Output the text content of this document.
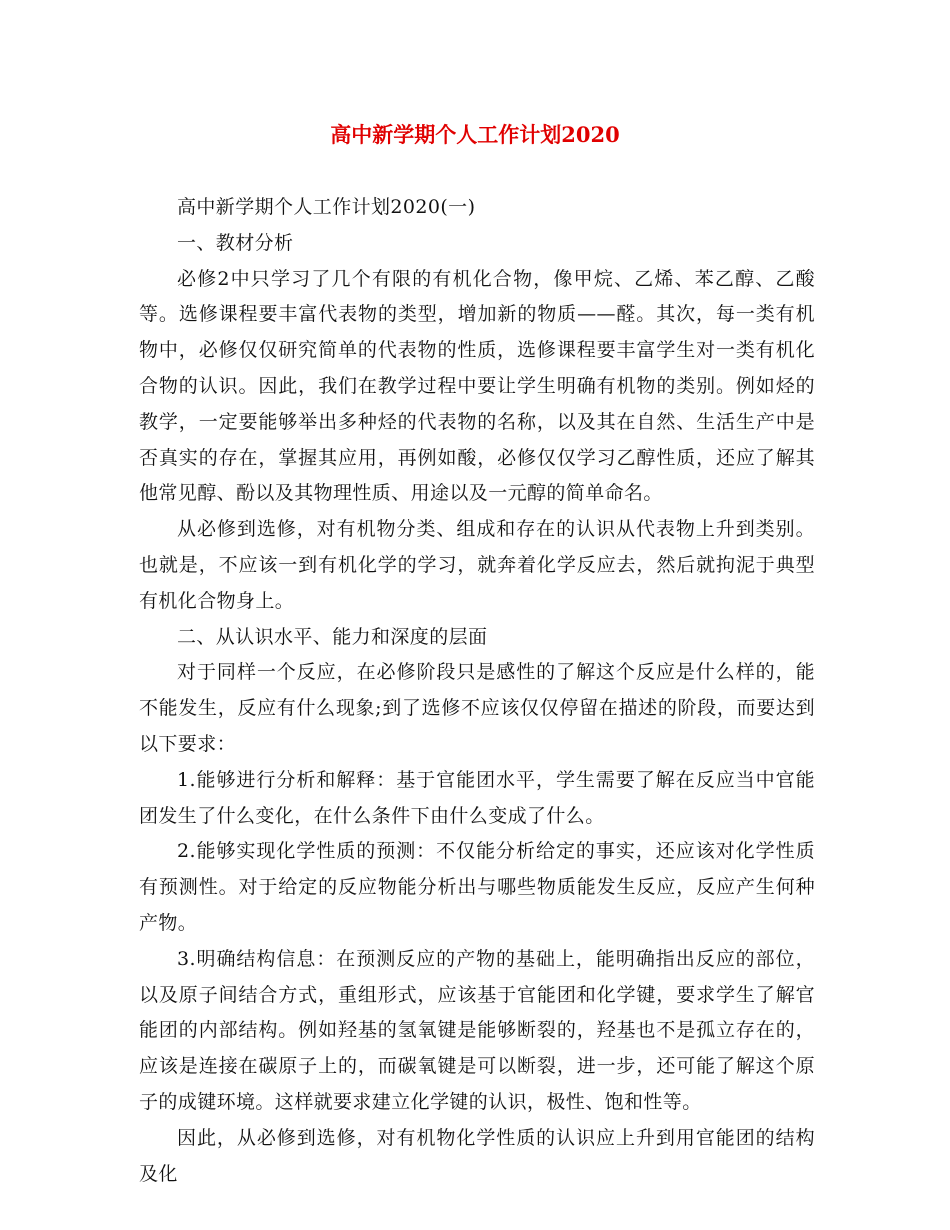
高中新学期个人工作计划2020

高中新学期个人工作计划2020(一)

一、教材分析

必修2中只学习了几个有限的有机化合物，像甲烷、乙烯、苯乙醇、乙酸等。选修课程要丰富代表物的类型，增加新的物质——醛。其次，每一类有机物中，必修仅仅研究简单的代表物的性质，选修课程要丰富学生对一类有机化合物的认识。因此，我们在教学过程中要让学生明确有机物的类别。例如烃的教学，一定要能够举出多种烃的代表物的名称，以及其在自然、生活生产中是否真实的存在，掌握其应用，再例如酸，必修仅仅学习乙醇性质，还应了解其他常见醇、酚以及其物理性质、用途以及一元醇的简单命名。

从必修到选修，对有机物分类、组成和存在的认识从代表物上升到类别。也就是，不应该一到有机化学的学习，就奔着化学反应去，然后就拘泥于典型有机化合物身上。

二、从认识水平、能力和深度的层面

对于同样一个反应，在必修阶段只是感性的了解这个反应是什么样的，能不能发生，反应有什么现象;到了选修不应该仅仅停留在描述的阶段，而要达到以下要求：

1.能够进行分析和解释：基于官能团水平，学生需要了解在反应当中官能团发生了什么变化，在什么条件下由什么变成了什么。

2.能够实现化学性质的预测：不仅能分析给定的事实，还应该对化学性质有预测性。对于给定的反应物能分析出与哪些物质能发生反应，反应产生何种产物。

3.明确结构信息：在预测反应的产物的基础上，能明确指出反应的部位，以及原子间结合方式，重组形式，应该基于官能团和化学键，要求学生了解官能团的内部结构。例如羟基的氢氧键是能够断裂的，羟基也不是孤立存在的，应该是连接在碳原子上的，而碳氧键是可以断裂，进一步，还可能了解这个原子的成键环境。这样就要求建立化学键的认识，极性、饱和性等。

因此，从必修到选修，对有机物化学性质的认识应上升到用官能团的结构及化
